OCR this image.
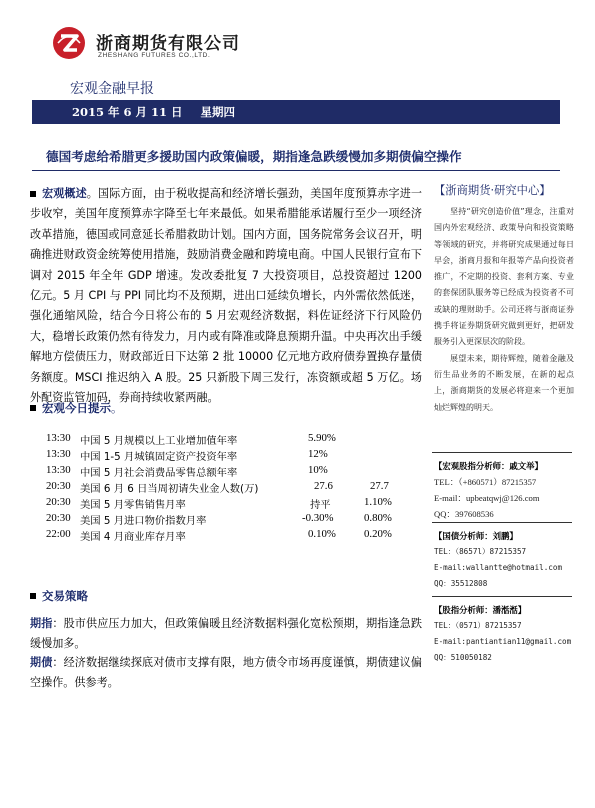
浙商期货有限公司
ZHESHANG FUTURES CO.,LTD.
宏观金融早报
2015 年 6 月 11 日 星期四
德国考虑给希腊更多援助国内政策偏暖，期指逢急跌缓慢加多期债偏空操作

宏观概述。国际方面，由于税收提高和经济增长强劲，美国年度预算赤字进一步收窄，美国年度预算赤字降至七年来最低。如果希腊能承诺履行至少一项经济改革措施，德国或同意延长希腊救助计划。国内方面，国务院常务会议召开，明确推进财政资金统筹使用措施，鼓励消费金融和跨境电商。中国人民银行宣布下调对 2015 年全年 GDP 增速。发改委批复 7 大投资项目，总投资超过 1200 亿元。5 月 CPI 与 PPI 同比均不及预期，进出口延续负增长，内外需依然低迷，强化通缩风险，结合今日将公布的 5 月宏观经济数据，料佐证经济下行风险仍大，稳增长政策仍然有待发力，月内或有降准或降息预期升温。中央再次出手缓解地方偿债压力，财政部近日下达第 2 批 10000 亿元地方政府债券置换存量债务额度。MSCI 推迟纳入 A 股。25 只新股下周三发行，冻资额或超 5 万亿。场外配资监管加码，券商持续收紧两融。

宏观今日提示。

13:30 中国 5 月规模以上工业增加值年率	5.90%
13:30 中国 1-5 月城镇固定资产投资年率	12%
13:30 中国 5 月社会消费品零售总额年率	10%
20:30 美国 6 月 6 日当周初请失业金人数(万)	27.6	27.7
20:30 美国 5 月零售销售月率	持平	1.10%
20:30 美国 5 月进口物价指数月率	-0.30%	0.80%
22:00 美国 4 月商业库存月率	0.10%	0.20%

交易策略

期指：股市供应压力加大，但政策偏暖且经济数据料强化宽松预期，期指逢急跌缓慢加多。

期债：经济数据继续探底对债市支撑有限，地方债令市场再度谨慎，期债建议偏空操作。供参考。

【浙商期货·研究中心】

坚持“研究创造价值”理念，注重对国内外宏观经济、政策导向和投资策略等领域的研究，并将研究成果通过每日早会，浙商月报和年报等产品向投资者推广，不定期的投资、套利方案、专业的套保团队服务等已经成为投资者不可或缺的理财助手。公司还将与浙商证券携手将证券期货研究做到更好，把研发服务引入更深层次的阶段。

展望未来，期待辉煌，随着金融及衍生品业务的不断发展，在新的起点上，浙商期货的发展必将迎来一个更加灿烂辉煌的明天。

【宏观股指分析师：戚文举】
TEL：（+860571）87215357
E-mail：upbeatqwj@126.com
QQ：397608536
【国债分析师：刘鹏】
TEL：（8657l）87215357
E-mail:wallantte@hotmail.com
QQ：35512808
【股指分析师：潘湉湉】
TEL：（0571）87215357
E-mail:pantiantian11@gmail.com
QQ：510050182
